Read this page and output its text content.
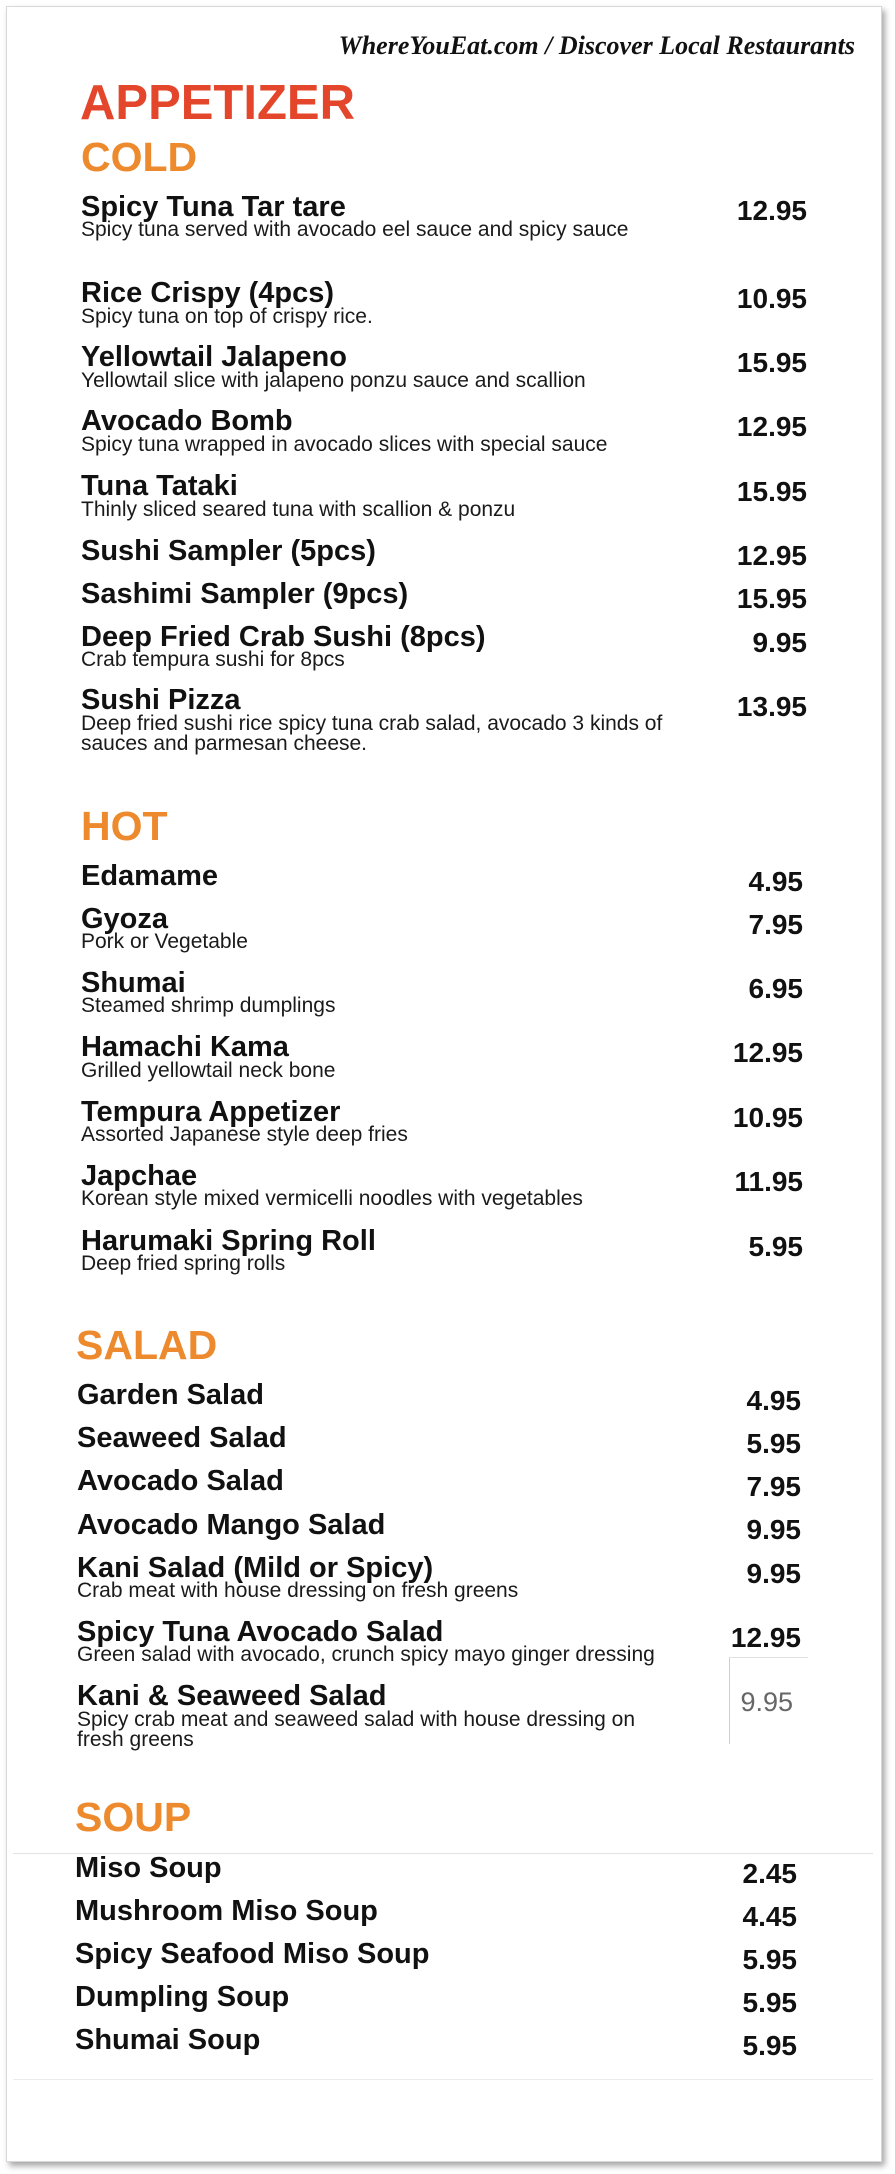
WhereYouEat.com / Discover Local Restaurants
APPETIZER
COLD
Spicy Tuna Tar tare
Spicy tuna served with avocado eel sauce and spicy sauce
12.95
Rice Crispy (4pcs)
Spicy tuna on top of crispy rice.
10.95
Yellowtail Jalapeno
Yellowtail slice with jalapeno ponzu sauce and scallion
15.95
Avocado Bomb
Spicy tuna wrapped in avocado slices with special sauce
12.95
Tuna Tataki
Thinly sliced seared tuna with scallion & ponzu
15.95
Sushi Sampler (5pcs)	12.95
Sashimi Sampler (9pcs)	15.95
Deep Fried Crab Sushi (8pcs)
Crab tempura sushi for 8pcs
9.95
Sushi Pizza
Deep fried sushi rice spicy tuna crab salad, avocado 3 kinds of sauces and parmesan cheese.
13.95
HOT
Edamame	4.95
Gyoza
Pork or Vegetable
7.95
Shumai
Steamed shrimp dumplings
6.95
Hamachi Kama
Grilled yellowtail neck bone
12.95
Tempura Appetizer
Assorted Japanese style deep fries
10.95
Japchae
Korean style mixed vermicelli noodles with vegetables
11.95
Harumaki Spring Roll
Deep fried spring rolls
5.95
SALAD
Garden Salad	4.95
Seaweed Salad	5.95
Avocado Salad	7.95
Avocado Mango Salad	9.95
Kani Salad (Mild or Spicy)
Crab meat with house dressing on fresh greens
9.95
Spicy Tuna Avocado Salad
Green salad with avocado, crunch spicy mayo ginger dressing
12.95
Kani & Seaweed Salad
Spicy crab meat and seaweed salad with house dressing on fresh greens
9.95
SOUP
Miso Soup	2.45
Mushroom Miso Soup	4.45
Spicy Seafood Miso Soup	5.95
Dumpling Soup	5.95
Shumai Soup	5.95
